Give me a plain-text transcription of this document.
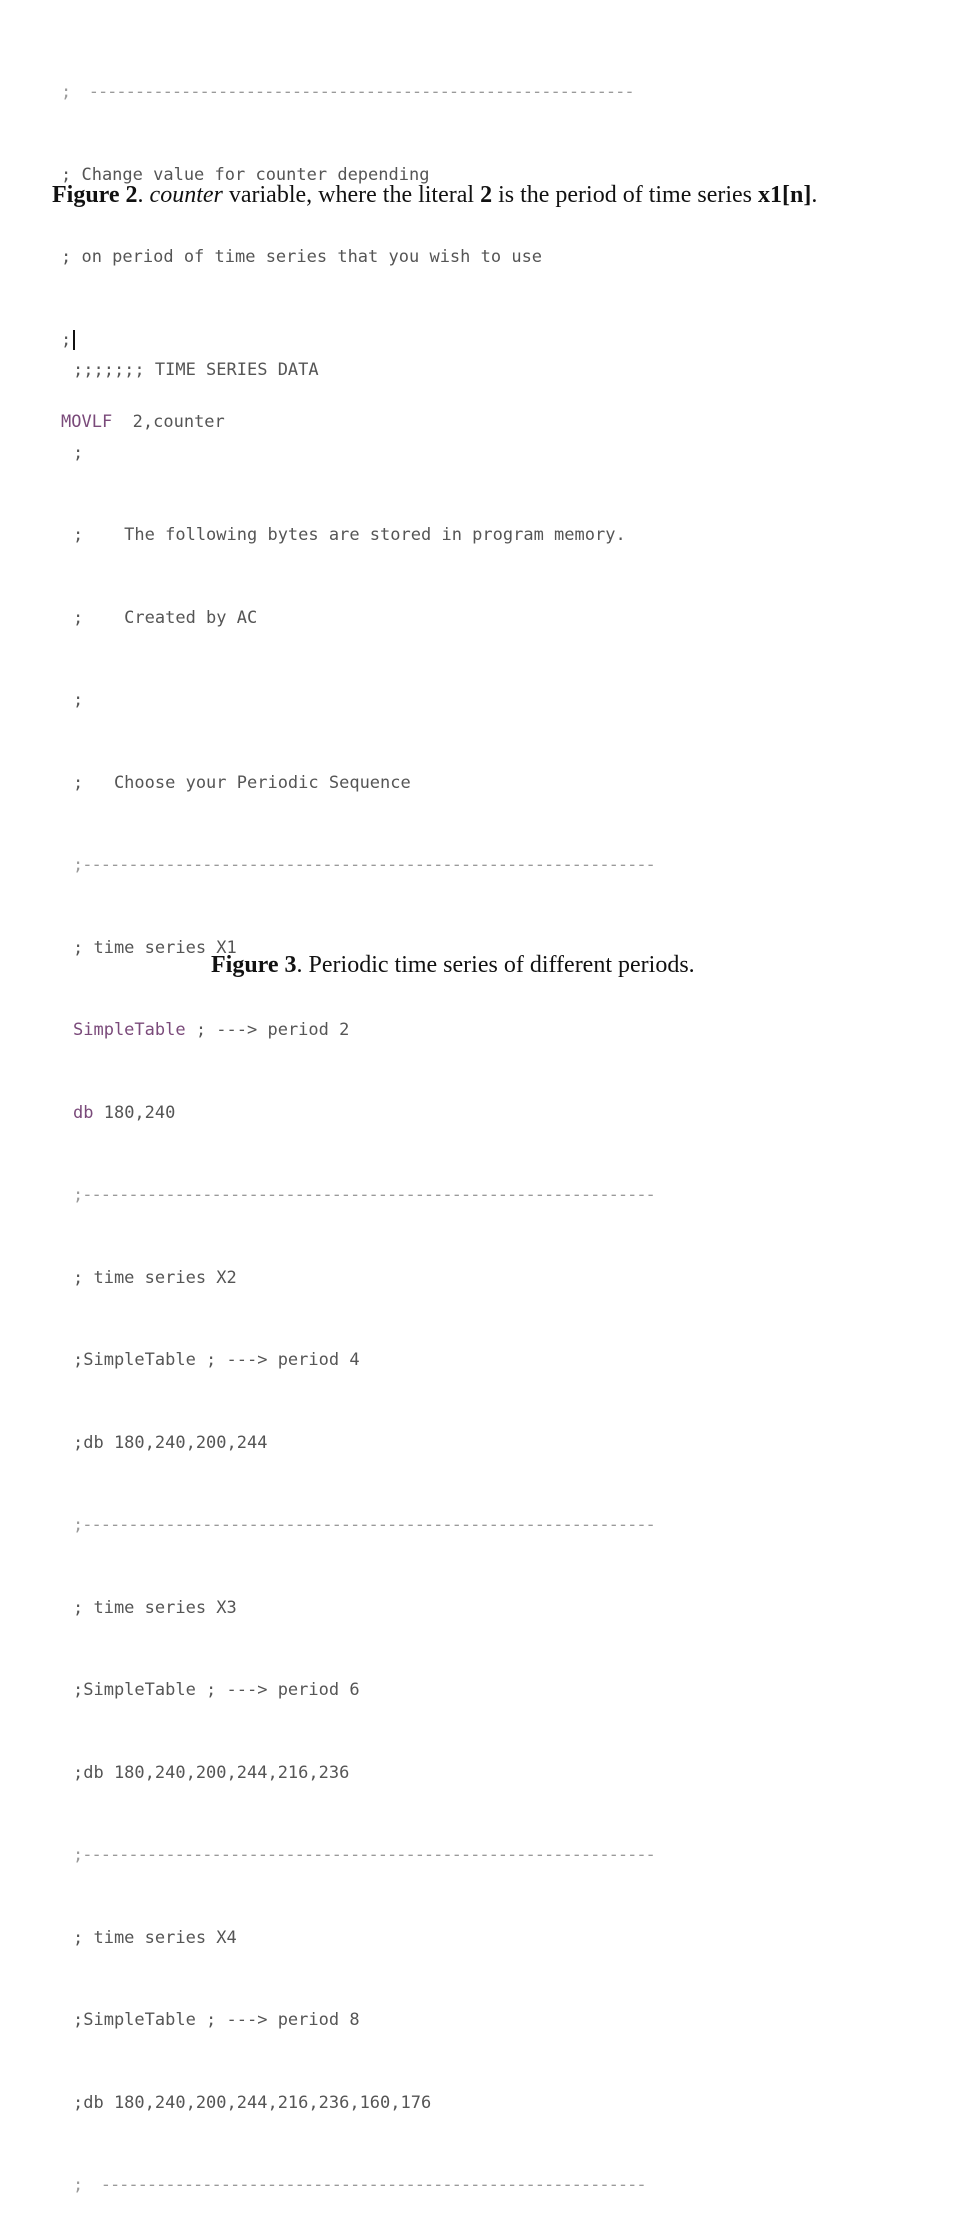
;  -----------------------------------------------------------

; Change value for counter depending

; on period of time series that you wish to use

;

MOVLF  2,counter

Figure 2. counter variable, where the literal 2 is the period of time series x1[n].

;;;;;;; TIME SERIES DATA

;

;    The following bytes are stored in program memory.

;    Created by AC

;

;   Choose your Periodic Sequence

;--------------------------------------------------------------

; time series X1

SimpleTable ; ---> period 2

db 180,240

;--------------------------------------------------------------

; time series X2

;SimpleTable ; ---> period 4

;db 180,240,200,244

;--------------------------------------------------------------

; time series X3

;SimpleTable ; ---> period 6

;db 180,240,200,244,216,236

;--------------------------------------------------------------

; time series X4

;SimpleTable ; ---> period 8

;db 180,240,200,244,216,236,160,176

;  -----------------------------------------------------------

Figure 3. Periodic time series of different periods.
